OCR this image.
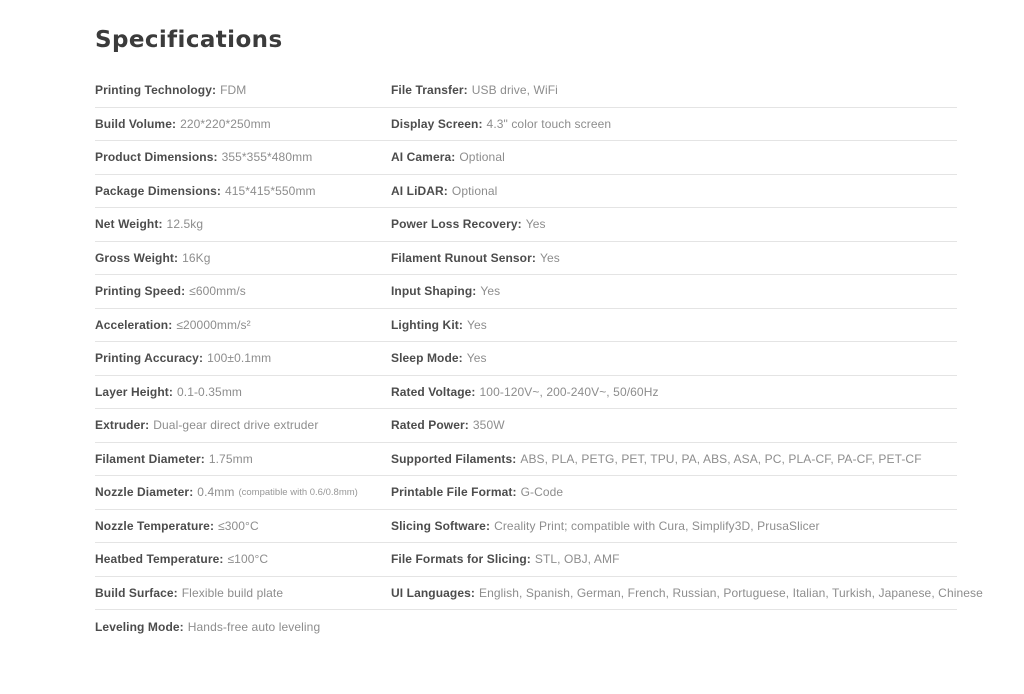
Specifications
Printing Technology: FDM
Build Volume: 220*220*250mm
Product Dimensions: 355*355*480mm
Package Dimensions: 415*415*550mm
Net Weight: 12.5kg
Gross Weight: 16Kg
Printing Speed: ≤600mm/s
Acceleration: ≤20000mm/s²
Printing Accuracy: 100±0.1mm
Layer Height: 0.1-0.35mm
Extruder: Dual-gear direct drive extruder
Filament Diameter: 1.75mm
Nozzle Diameter: 0.4mm (compatible with 0.6/0.8mm)
Nozzle Temperature: ≤300°C
Heatbed Temperature: ≤100°C
Build Surface: Flexible build plate
Leveling Mode: Hands-free auto leveling
File Transfer: USB drive, WiFi
Display Screen: 4.3" color touch screen
AI Camera: Optional
AI LiDAR: Optional
Power Loss Recovery: Yes
Filament Runout Sensor: Yes
Input Shaping: Yes
Lighting Kit: Yes
Sleep Mode: Yes
Rated Voltage: 100-120V~, 200-240V~, 50/60Hz
Rated Power: 350W
Supported Filaments: ABS, PLA, PETG, PET, TPU, PA, ABS, ASA, PC, PLA-CF, PA-CF, PET-CF
Printable File Format: G-Code
Slicing Software: Creality Print; compatible with Cura, Simplify3D, PrusaSlicer
File Formats for Slicing: STL, OBJ, AMF
UI Languages: English, Spanish, German, French, Russian, Portuguese, Italian, Turkish, Japanese, Chinese
